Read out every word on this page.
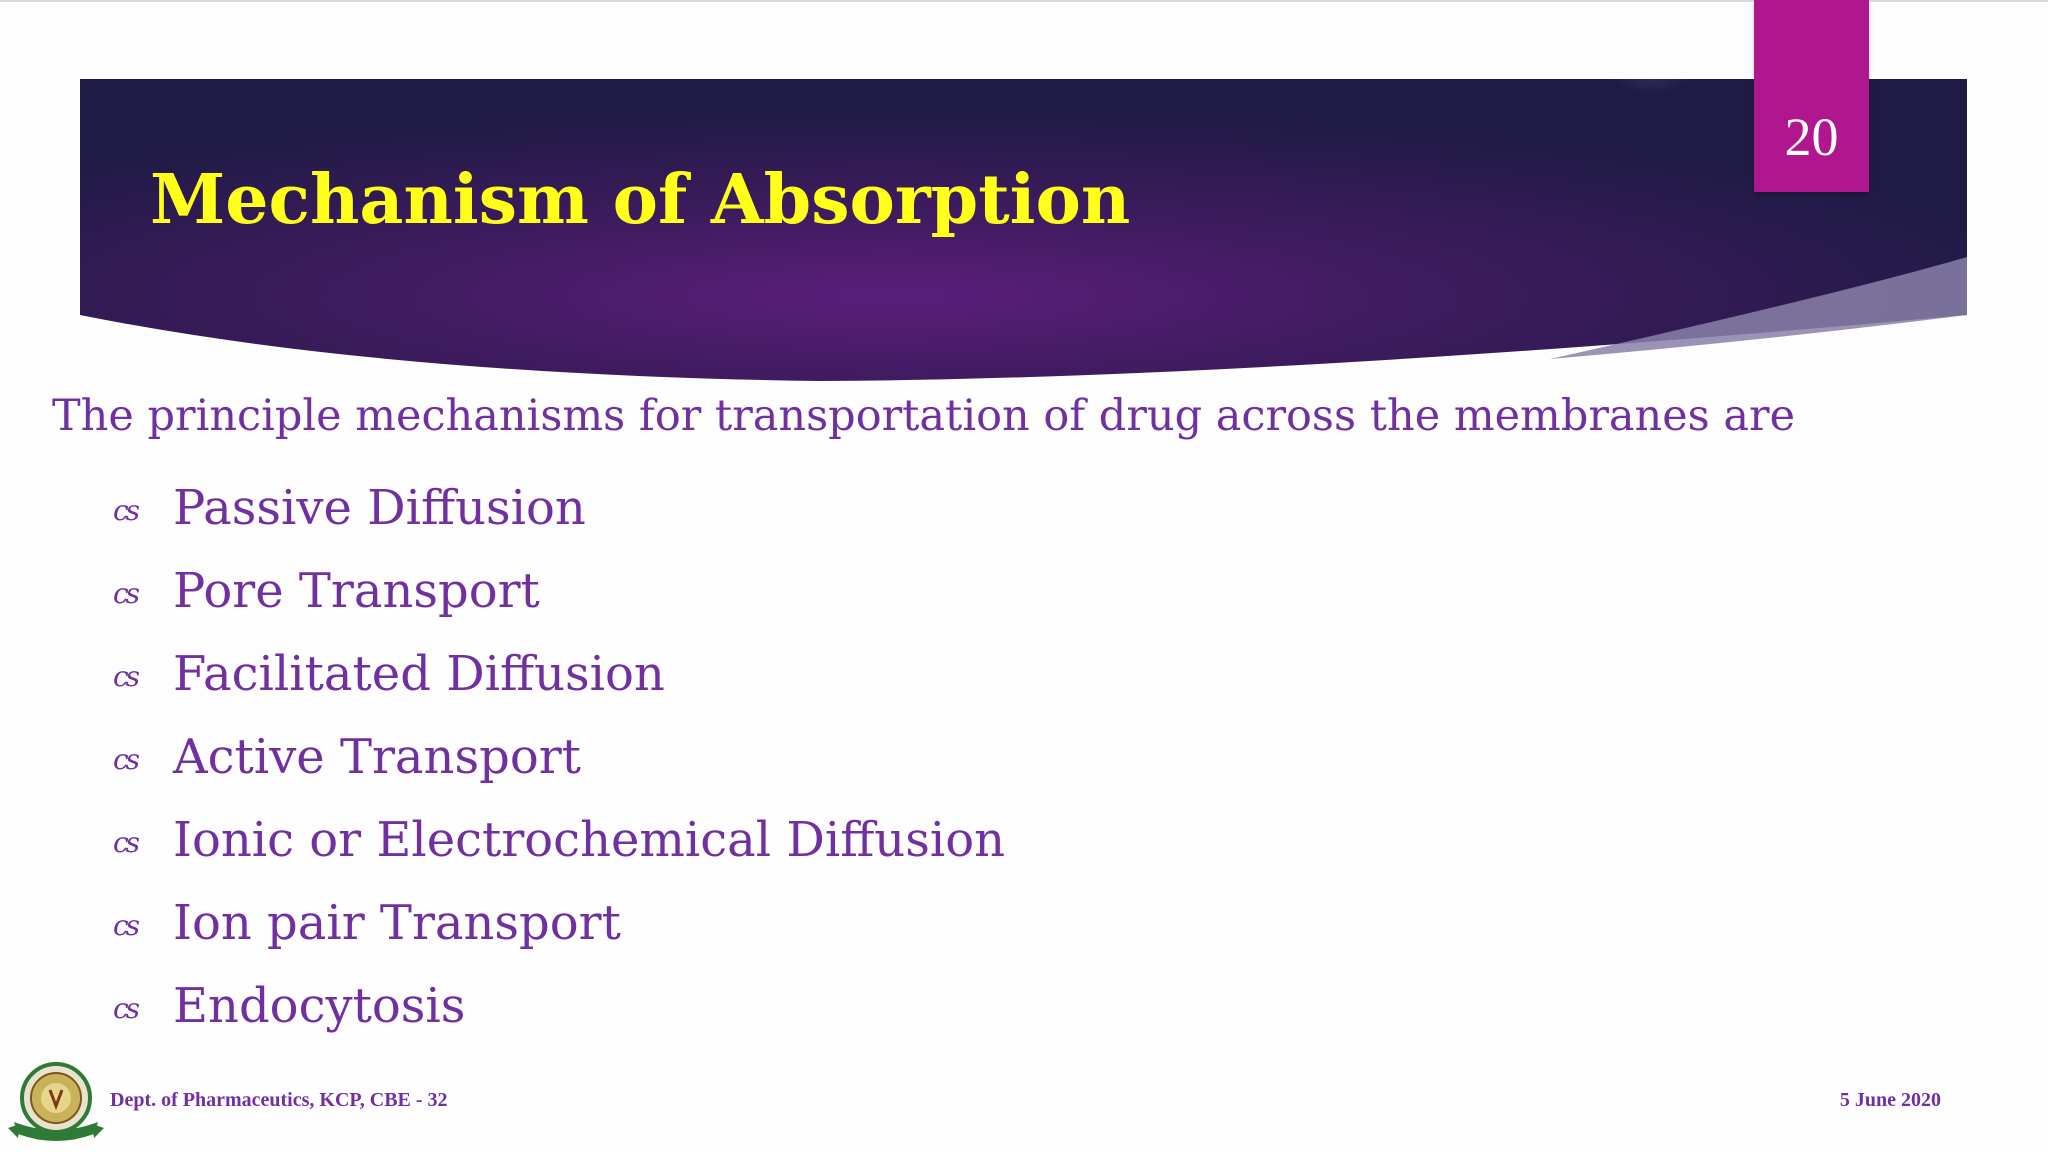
20
Mechanism of Absorption

The principle mechanisms for transportation of drug across the membranes are

cs Passive Diffusion
cs Pore Transport
cs Facilitated Diffusion
cs Active Transport
cs Ionic or Electrochemical Diffusion
cs Ion pair Transport
cs Endocytosis
Dept. of Pharmaceutics, KCP, CBE - 32	5 June 2020
